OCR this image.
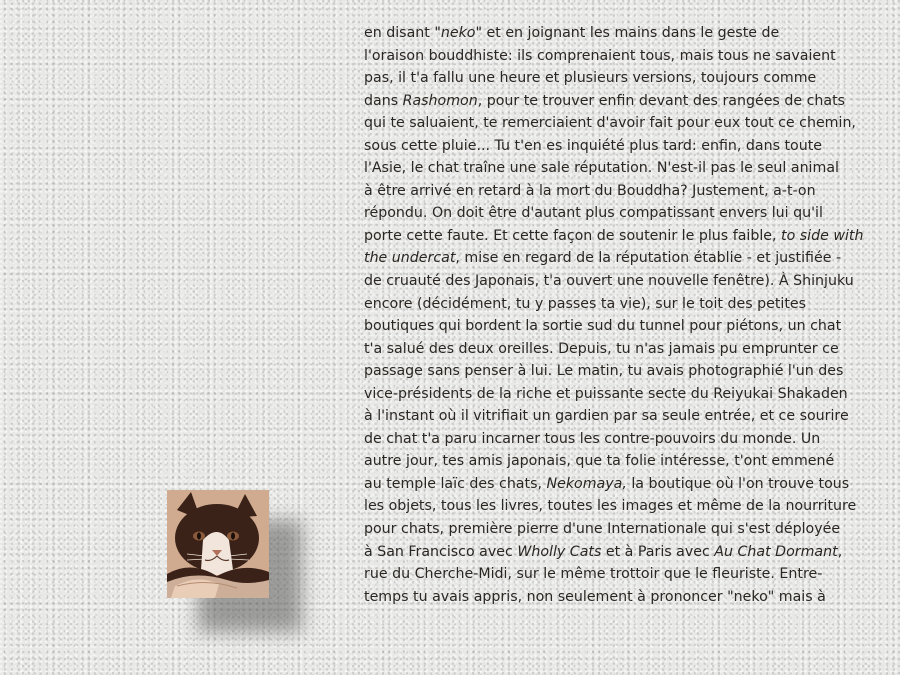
en disant "neko" et en joignant les mains dans le geste de
l'oraison bouddhiste: ils comprenaient tous, mais tous ne savaient
pas, il t'a fallu une heure et plusieurs versions, toujours comme
dans Rashomon, pour te trouver enfin devant des rangées de chats
qui te saluaient, te remerciaient d'avoir fait pour eux tout ce chemin,
sous cette pluie... Tu t'en es inquiété plus tard: enfin, dans toute
l'Asie, le chat traîne une sale réputation. N'est-il pas le seul animal
à être arrivé en retard à la mort du Bouddha? Justement, a-t-on
répondu. On doit être d'autant plus compatissant envers lui qu'il
porte cette faute. Et cette façon de soutenir le plus faible, to side with
the undercat, mise en regard de la réputation établie - et justifiée -
de cruauté des Japonais, t'a ouvert une nouvelle fenêtre). À Shinjuku
encore (décidément, tu y passes ta vie), sur le toit des petites
boutiques qui bordent la sortie sud du tunnel pour piétons, un chat
t'a salué des deux oreilles. Depuis, tu n'as jamais pu emprunter ce
passage sans penser à lui. Le matin, tu avais photographié l'un des
vice-présidents de la riche et puissante secte du Reiyukai Shakaden
à l'instant où il vitrifiait un gardien par sa seule entrée, et ce sourire
de chat t'a paru incarner tous les contre-pouvoirs du monde. Un
autre jour, tes amis japonais, que ta folie intéresse, t'ont emmené
au temple laïc des chats, Nekomaya, la boutique où l'on trouve tous
les objets, tous les livres, toutes les images et même de la nourriture
pour chats, première pierre d'une Internationale qui s'est déployée
à San Francisco avec Wholly Cats et à Paris avec Au Chat Dormant,
rue du Cherche-Midi, sur le même trottoir que le fleuriste. Entre-
temps tu avais appris, non seulement à prononcer "neko" mais à
